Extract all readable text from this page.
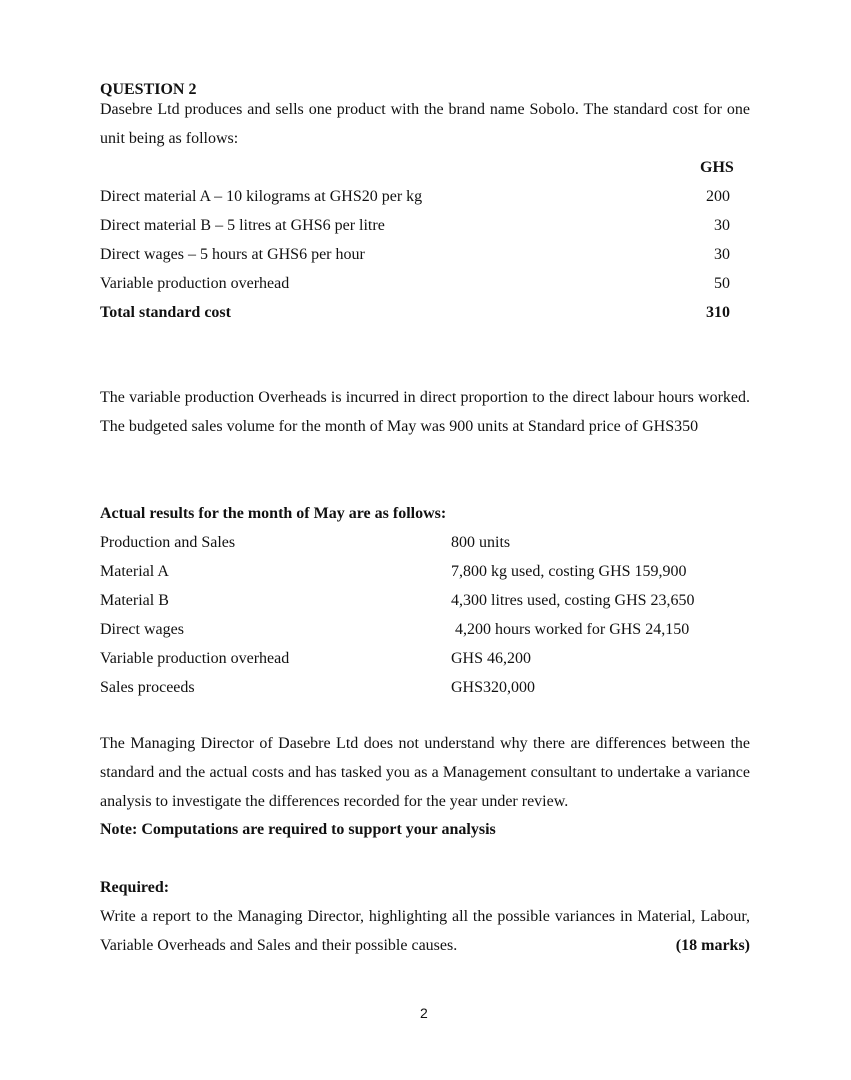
QUESTION 2
Dasebre Ltd produces and sells one product with the brand name Sobolo. The standard cost for one unit being as follows:
GHS
Direct material A – 10 kilograms at GHS20 per kg	200
Direct material B – 5 litres at GHS6 per litre	30
Direct wages – 5 hours at GHS6 per hour	30
Variable production overhead	50
Total standard cost	310
The variable production Overheads is incurred in direct proportion to the direct labour hours worked. The budgeted sales volume for the month of May was 900 units at Standard price of GHS350
Actual results for the month of May are as follows:
Production and Sales	800 units
Material A	7,800 kg used, costing GHS 159,900
Material B	4,300 litres used, costing GHS 23,650
Direct wages	4,200 hours worked for GHS 24,150
Variable production overhead	GHS 46,200
Sales proceeds	GHS320,000
The Managing Director of Dasebre Ltd does not understand why there are differences between the standard and the actual costs and has tasked you as a Management consultant to undertake a variance analysis to investigate the differences recorded for the year under review.
Note: Computations are required to support your analysis
Required:
Write a report to the Managing Director, highlighting all the possible variances in Material, Labour, Variable Overheads and Sales and their possible causes.	(18 marks)
2
